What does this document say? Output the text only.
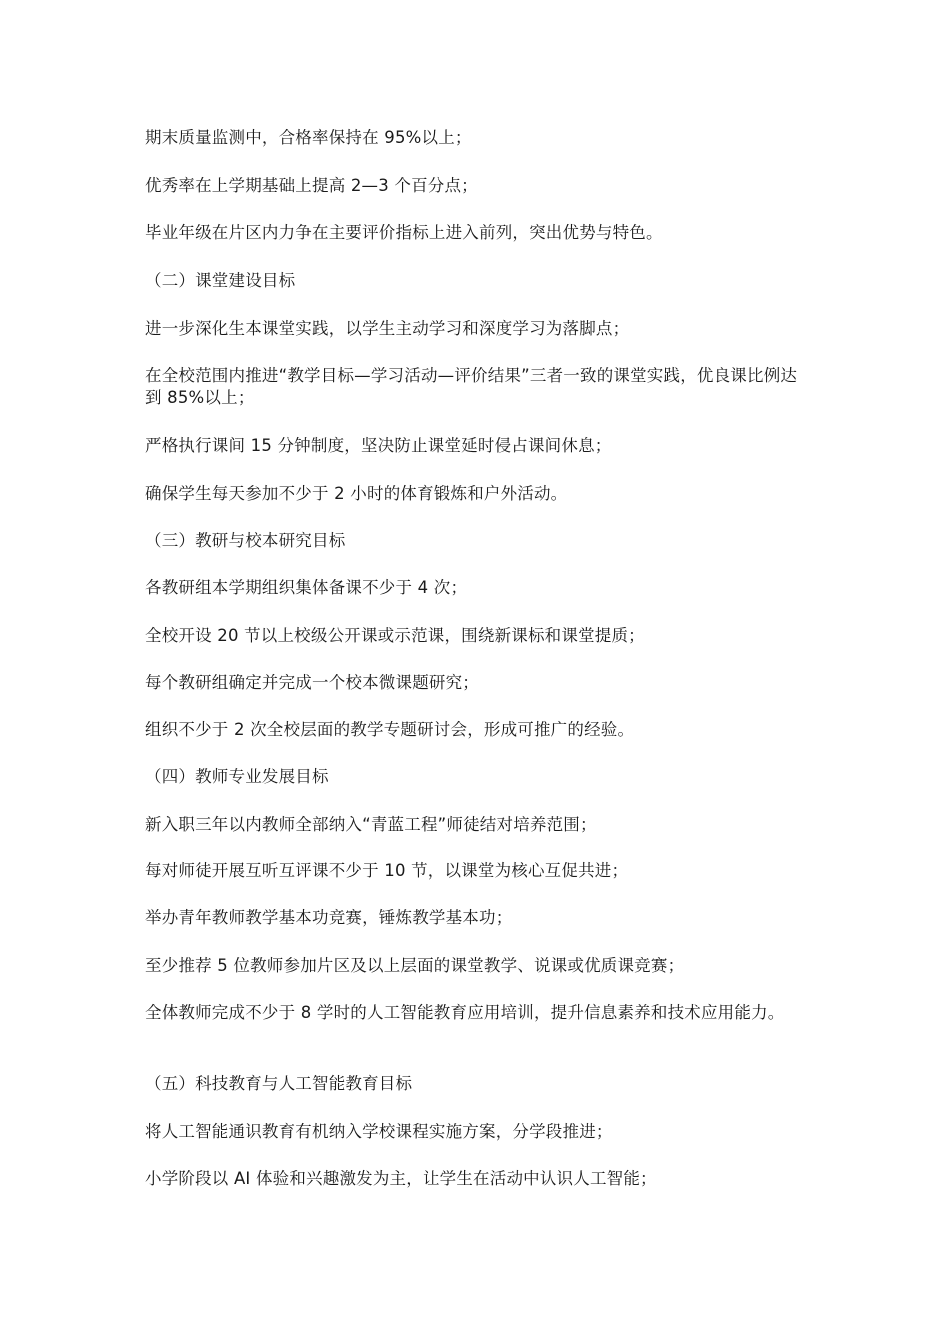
期末质量监测中，合格率保持在 95%以上；
优秀率在上学期基础上提高 2—3 个百分点；
毕业年级在片区内力争在主要评价指标上进入前列，突出优势与特色。
（二）课堂建设目标
进一步深化生本课堂实践，以学生主动学习和深度学习为落脚点；
在全校范围内推进“教学目标—学习活动—评价结果”三者一致的课堂实践，优良课比例达到 85%以上；
严格执行课间 15 分钟制度，坚决防止课堂延时侵占课间休息；
确保学生每天参加不少于 2 小时的体育锻炼和户外活动。
（三）教研与校本研究目标
各教研组本学期组织集体备课不少于 4 次；
全校开设 20 节以上校级公开课或示范课，围绕新课标和课堂提质；
每个教研组确定并完成一个校本微课题研究；
组织不少于 2 次全校层面的教学专题研讨会，形成可推广的经验。
（四）教师专业发展目标
新入职三年以内教师全部纳入“青蓝工程”师徒结对培养范围；
每对师徒开展互听互评课不少于 10 节，以课堂为核心互促共进；
举办青年教师教学基本功竞赛，锤炼教学基本功；
至少推荐 5 位教师参加片区及以上层面的课堂教学、说课或优质课竞赛；
全体教师完成不少于 8 学时的人工智能教育应用培训，提升信息素养和技术应用能力。
（五）科技教育与人工智能教育目标
将人工智能通识教育有机纳入学校课程实施方案，分学段推进；
小学阶段以 AI 体验和兴趣激发为主，让学生在活动中认识人工智能；
